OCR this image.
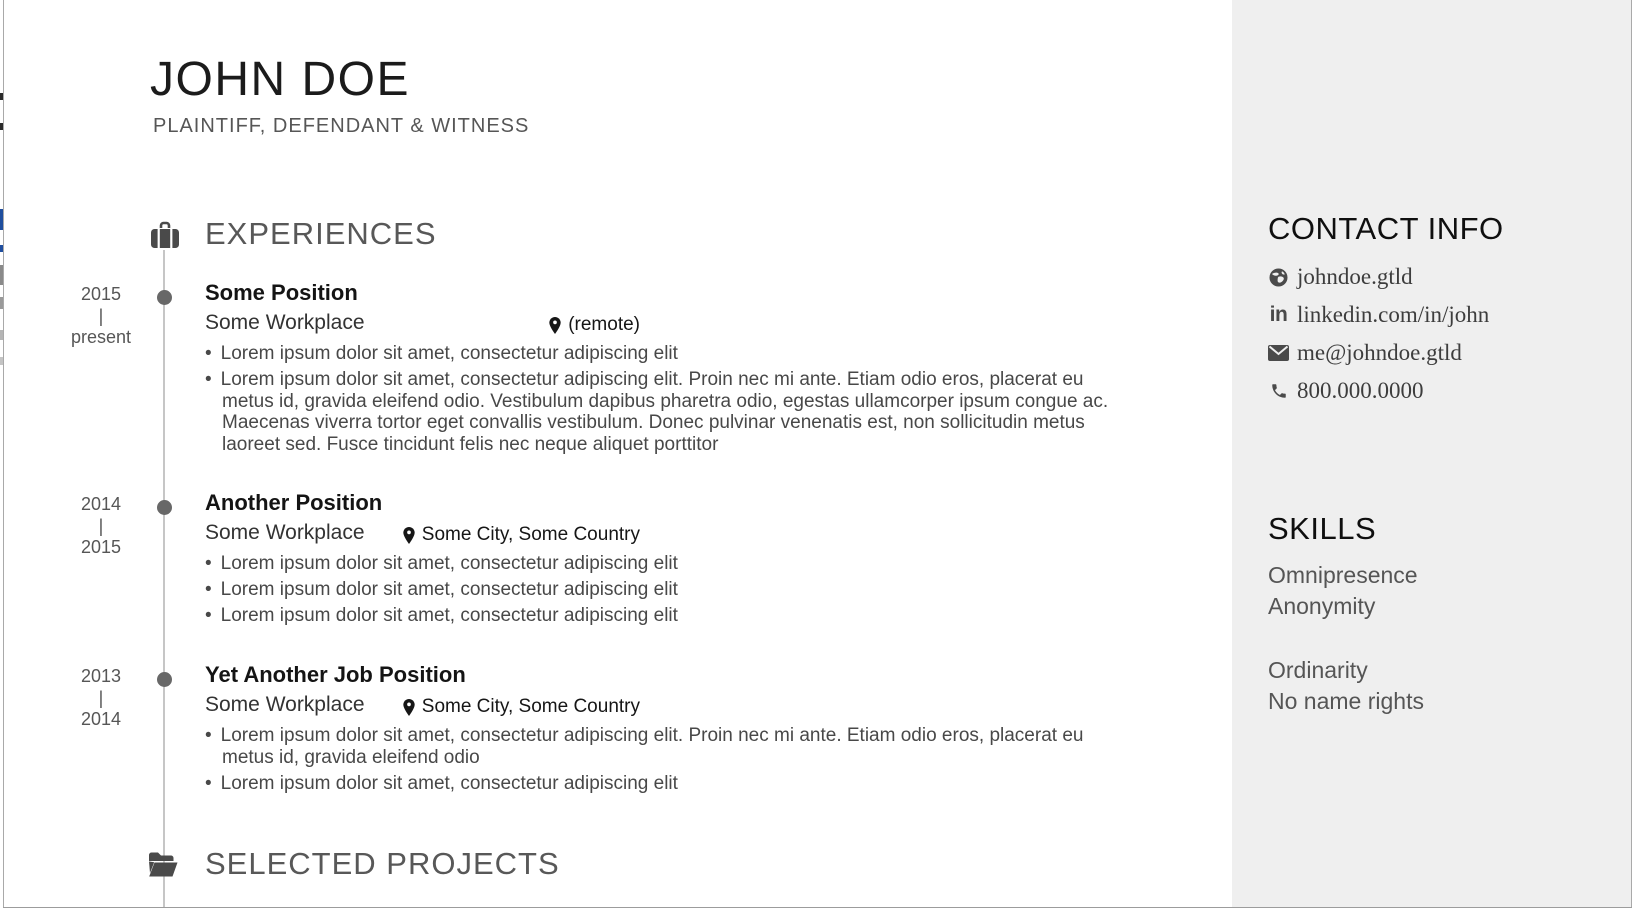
CONTACT INFO
johndoe.gtld
in linkedin.com/in/john
me@johndoe.gtld
800.000.0000
SKILLS
Omnipresence
Anonymity
Ordinarity
No name rights
JOHN DOE
PLAINTIFF, DEFENDANT & WITNESS
EXPERIENCES
2015
|
present
Some Position
Some Workplace
• Lorem ipsum dolor sit amet, consectetur adipiscing elit
• Lorem ipsum dolor sit amet, consectetur adipiscing elit. Proin nec mi ante. Etiam odio eros, placerat eu metus id, gravida eleifend odio. Vestibulum dapibus pharetra odio, egestas ullamcorper ipsum congue ac. Maecenas viverra tortor eget convallis vestibulum. Donec pulvinar venenatis est, non sollicitudin metus laoreet sed. Fusce tincidunt felis nec neque aliquet porttitor
(remote)
2014
|
2015
Another Position
Some Workplace
• Lorem ipsum dolor sit amet, consectetur adipiscing elit
• Lorem ipsum dolor sit amet, consectetur adipiscing elit
• Lorem ipsum dolor sit amet, consectetur adipiscing elit
Some City, Some Country
2013
|
2014
Yet Another Job Position
Some Workplace
• Lorem ipsum dolor sit amet, consectetur adipiscing elit. Proin nec mi ante. Etiam odio eros, placerat eu metus id, gravida eleifend odio
• Lorem ipsum dolor sit amet, consectetur adipiscing elit
Some City, Some Country
SELECTED PROJECTS
